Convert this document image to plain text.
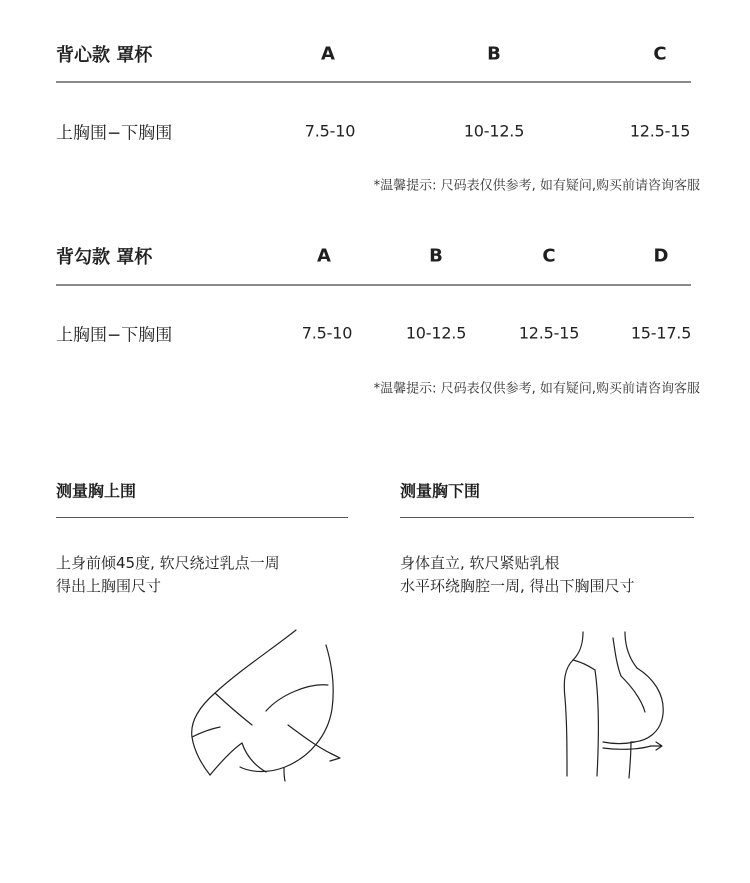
背心款 罩杯	A	B	C
上胸围−下胸围	7.5-10	10-12.5	12.5-15
*温馨提示: 尺码表仅供参考, 如有疑问,购买前请咨询客服
背勾款 罩杯	A	B	C	D
上胸围−下胸围	7.5-10	10-12.5	12.5-15	15-17.5
*温馨提示: 尺码表仅供参考, 如有疑问,购买前请咨询客服
测量胸上围
上身前倾45度, 软尺绕过乳点一周
得出上胸围尺寸
测量胸下围
身体直立, 软尺紧贴乳根
水平环绕胸腔一周, 得出下胸围尺寸
